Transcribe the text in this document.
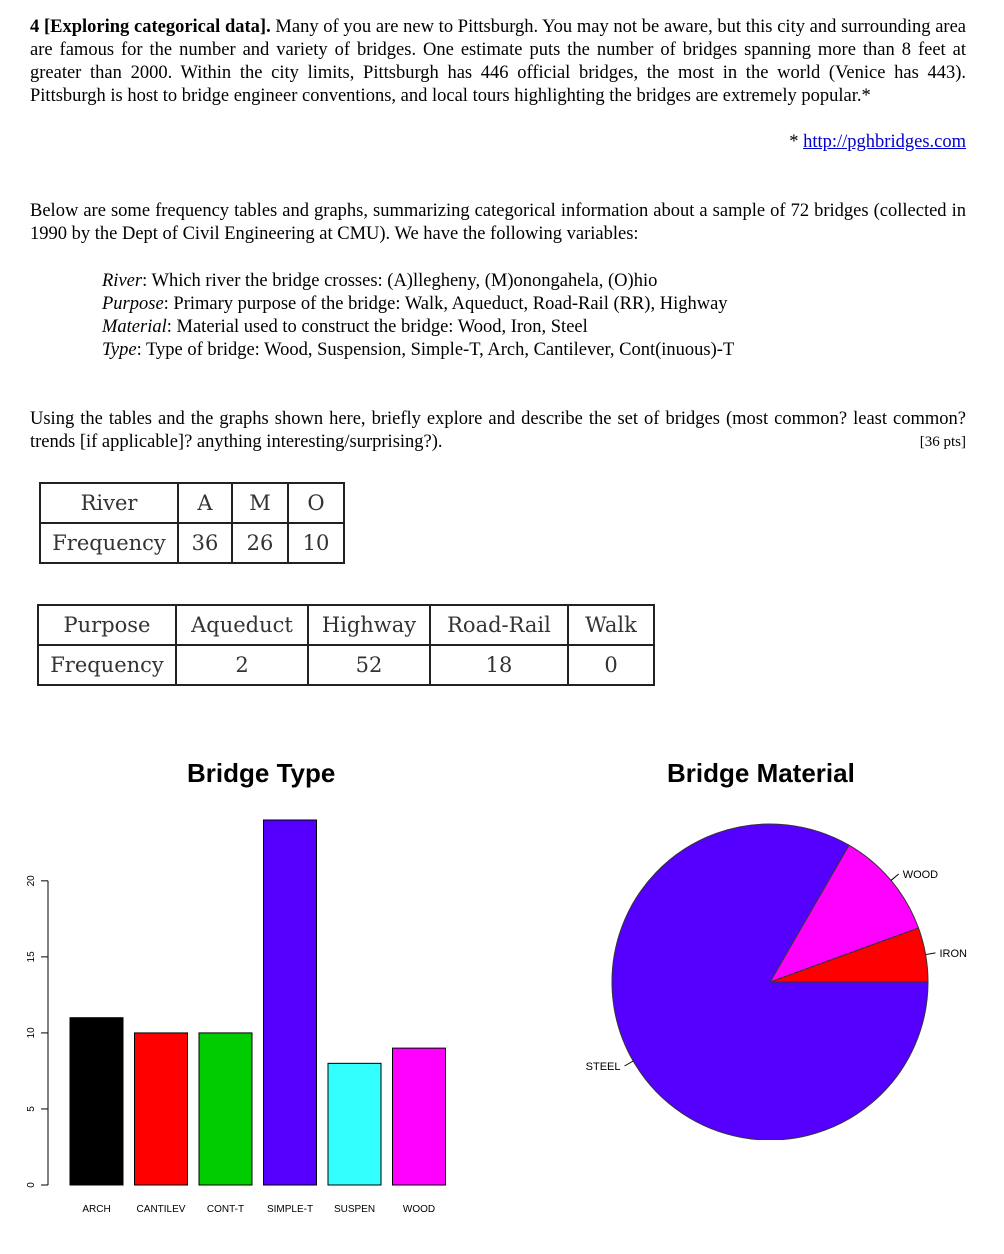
4 [Exploring categorical data]. Many of you are new to Pittsburgh. You may not be aware, but this city and surrounding area are famous for the number and variety of bridges. One estimate puts the number of bridges spanning more than 8 feet at greater than 2000. Within the city limits, Pittsburgh has 446 official bridges, the most in the world (Venice has 443). Pittsburgh is host to bridge engineer conventions, and local tours highlighting the bridges are extremely popular.*
* http://pghbridges.com
Below are some frequency tables and graphs, summarizing categorical information about a sample of 72 bridges (collected in 1990 by the Dept of Civil Engineering at CMU). We have the following variables:
River: Which river the bridge crosses: (A)llegheny, (M)onongahela, (O)hio
Purpose: Primary purpose of the bridge: Walk, Aqueduct, Road-Rail (RR), Highway
Material: Material used to construct the bridge: Wood, Iron, Steel
Type: Type of bridge: Wood, Suspension, Simple-T, Arch, Cantilever, Cont(inuous)-T
Using the tables and the graphs shown here, briefly explore and describe the set of bridges (most common? least common? trends [if applicable]? anything interesting/surprising?).	[36 pts]
River	A	M	O
Frequency	36	26	10
Purpose	Aqueduct	Highway	Road-Rail	Walk
Frequency	2	52	18	0
Bridge Type
0
5
10
15
20
ARCH	CANTILEV CONT-T SIMPLE-T SUSPEN	WOOD
Bridge Material
IRON
WOOD
STEEL
